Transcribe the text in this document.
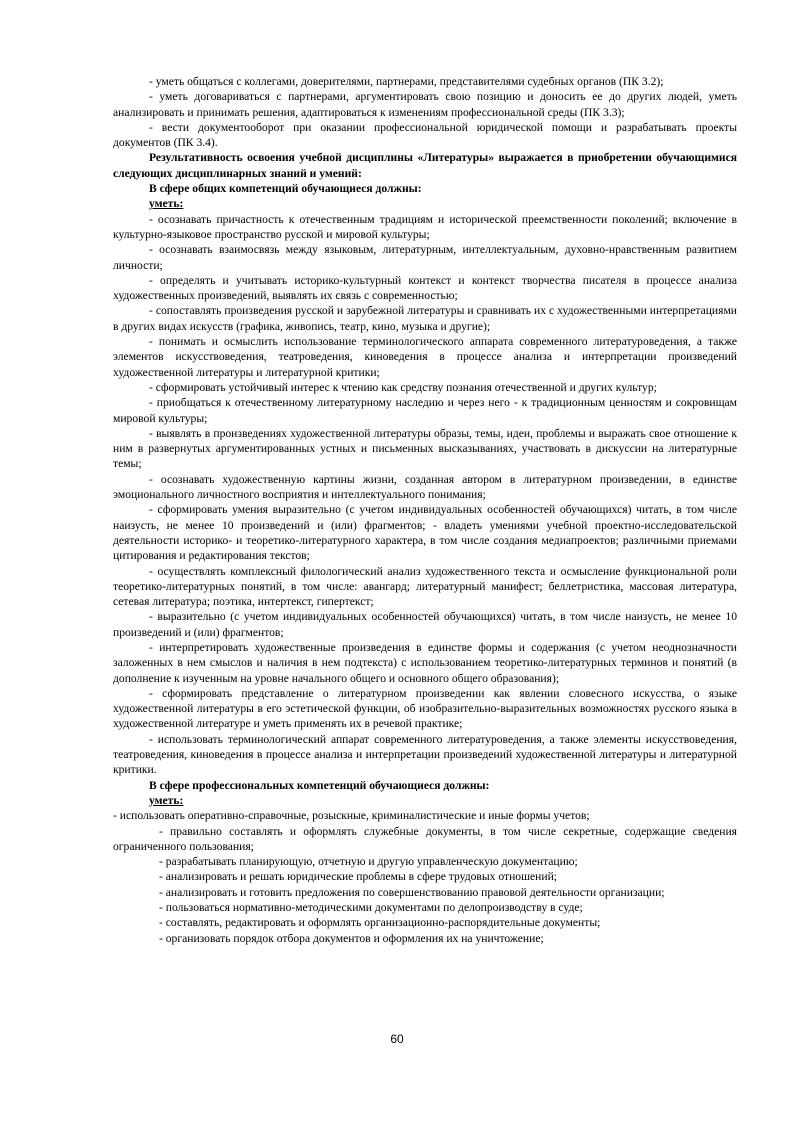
- уметь общаться с коллегами, доверителями, партнерами, представителями судебных органов (ПК 3.2);

- уметь договариваться с партнерами, аргументировать свою позицию и доносить ее до других людей, уметь анализировать и принимать решения, адаптироваться к изменениям профессиональной среды (ПК 3.3);

- вести документооборот при оказании профессиональной юридической помощи и разрабатывать проекты документов (ПК 3.4).

Результативность освоения учебной дисциплины «Литературы» выражается в приобретении обучающимися следующих дисциплинарных знаний и умений:

В сфере общих компетенций обучающиеся должны:

уметь:

- осознавать причастность к отечественным традициям и исторической преемственности поколений; включение в культурно-языковое пространство русской и мировой культуры;

- осознавать взаимосвязь между языковым, литературным, интеллектуальным, духовно-нравственным развитием личности;

- определять и учитывать историко-культурный контекст и контекст творчества писателя в процессе анализа художественных произведений, выявлять их связь с современностью;

- сопоставлять произведения русской и зарубежной литературы и сравнивать их с художественными интерпретациями в других видах искусств (графика, живопись, театр, кино, музыка и другие);

- понимать и осмыслить использование терминологического аппарата современного литературоведения, а также элементов искусствоведения, театроведения, киноведения в процессе анализа и интерпретации произведений художественной литературы и литературной критики;

- сформировать устойчивый интерес к чтению как средству познания отечественной и других культур;

- приобщаться к отечественному литературному наследию и через него - к традиционным ценностям и сокровищам мировой культуры;

- выявлять в произведениях художественной литературы образы, темы, идеи, проблемы и выражать свое отношение к ним в развернутых аргументированных устных и письменных высказываниях, участвовать в дискуссии на литературные темы;

- осознавать художественную картины жизни, созданная автором в литературном произведении, в единстве эмоционального личностного восприятия и интеллектуального понимания;

- сформировать умения выразительно (с учетом индивидуальных особенностей обучающихся) читать, в том числе наизусть, не менее 10 произведений и (или) фрагментов; - владеть умениями учебной проектно-исследовательской деятельности историко- и теоретико-литературного характера, в том числе создания медиапроектов; различными приемами цитирования и редактирования текстов;

- осуществлять комплексный филологический анализ художественного текста и осмысление функциональной роли теоретико-литературных понятий, в том числе: авангард; литературный манифест; беллетристика, массовая литература, сетевая литература; поэтика, интертекст, гипертекст;

- выразительно (с учетом индивидуальных особенностей обучающихся) читать, в том числе наизусть, не менее 10 произведений и (или) фрагментов;

- интерпретировать художественные произведения в единстве формы и содержания (с учетом неоднозначности заложенных в нем смыслов и наличия в нем подтекста) с использованием теоретико-литературных терминов и понятий (в дополнение к изученным на уровне начального общего и основного общего образования);

- сформировать представление о литературном произведении как явлении словесного искусства, о языке художественной литературы в его эстетической функции, об изобразительно-выразительных возможностях русского языка в художественной литературе и уметь применять их в речевой практике;

- использовать терминологический аппарат современного литературоведения, а также элементы искусствоведения, театроведения, киноведения в процессе анализа и интерпретации произведений художественной литературы и литературной критики.

В сфере профессиональных компетенций обучающиеся должны:

уметь:

- использовать оперативно-справочные, розыскные, криминалистические и иные формы учетов;

- правильно составлять и оформлять служебные документы, в том числе секретные, содержащие сведения ограниченного пользования;

- разрабатывать планирующую, отчетную и другую управленческую документацию;

- анализировать и решать юридические проблемы в сфере трудовых отношений;

- анализировать и готовить предложения по совершенствованию правовой деятельности организации;

- пользоваться нормативно-методическими документами по делопроизводству в суде;

- составлять, редактировать и оформлять организационно-распорядительные документы;

- организовать порядок отбора документов и оформления их на уничтожение;

60
